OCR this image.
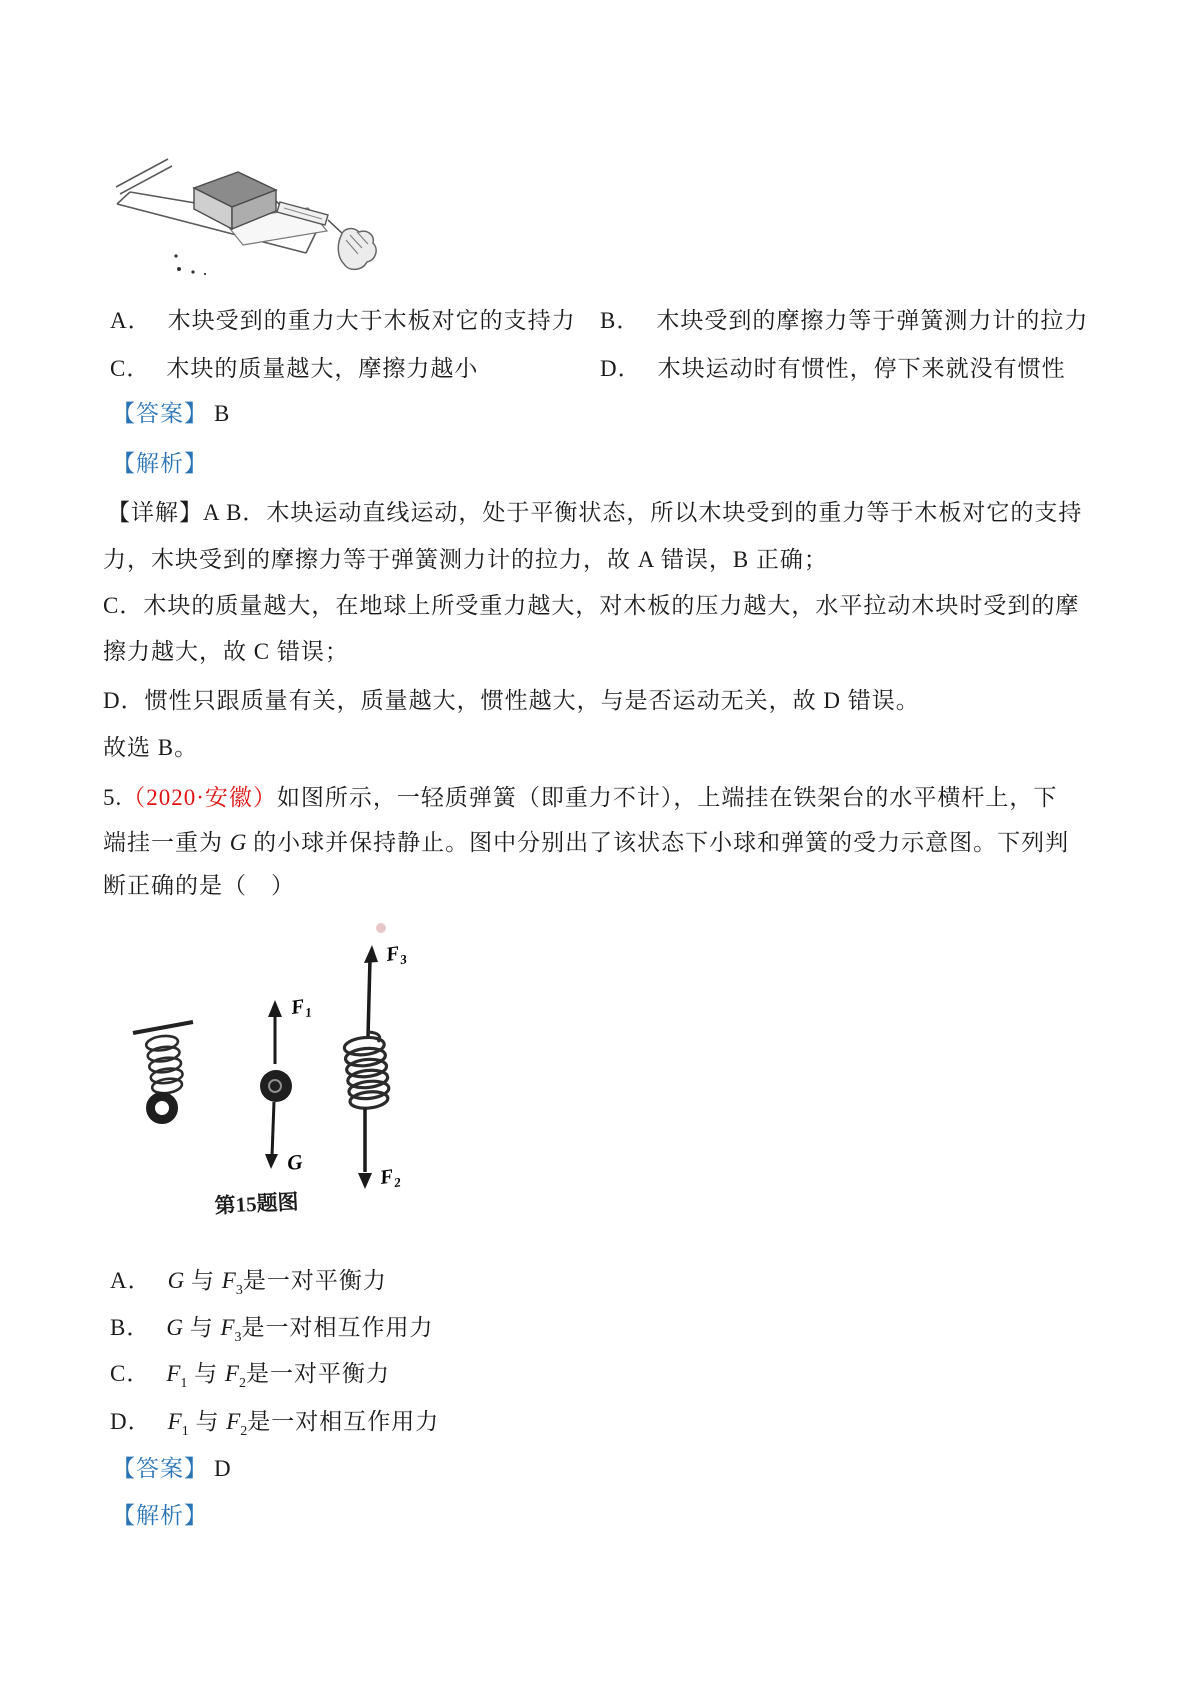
A． 木块受到的重力大于木板对它的支持力 B． 木块受到的摩擦力等于弹簧测力计的拉力
C． 木块的质量越大，摩擦力越小	D． 木块运动时有惯性，停下来就没有惯性
【答案】 B
【解析】
【详解】A B．木块运动直线运动，处于平衡状态，所以木块受到的重力等于木板对它的支持
力，木块受到的摩擦力等于弹簧测力计的拉力，故 A 错误，B 正确；
C．木块的质量越大，在地球上所受重力越大，对木板的压力越大，水平拉动木块时受到的摩
擦力越大，故 C 错误；
D．惯性只跟质量有关，质量越大，惯性越大，与是否运动无关，故 D 错误。
故选 B。
5.（2020·安徽）如图所示，一轻质弹簧（即重力不计），上端挂在铁架台的水平横杆上，下
端挂一重为 G 的小球并保持静止。图中分别出了该状态下小球和弹簧的受力示意图。下列判
断正确的是（　）
$F_1$
G
$F_3$
$F_2$
第15题图
A． G 与 $F_3$是一对平衡力
B． G 与 $F_3$是一对相互作用力
C． $F_1$ 与 $F_2$是一对平衡力
D． $F_1$ 与 $F_2$是一对相互作用力
【答案】 D
【解析】
